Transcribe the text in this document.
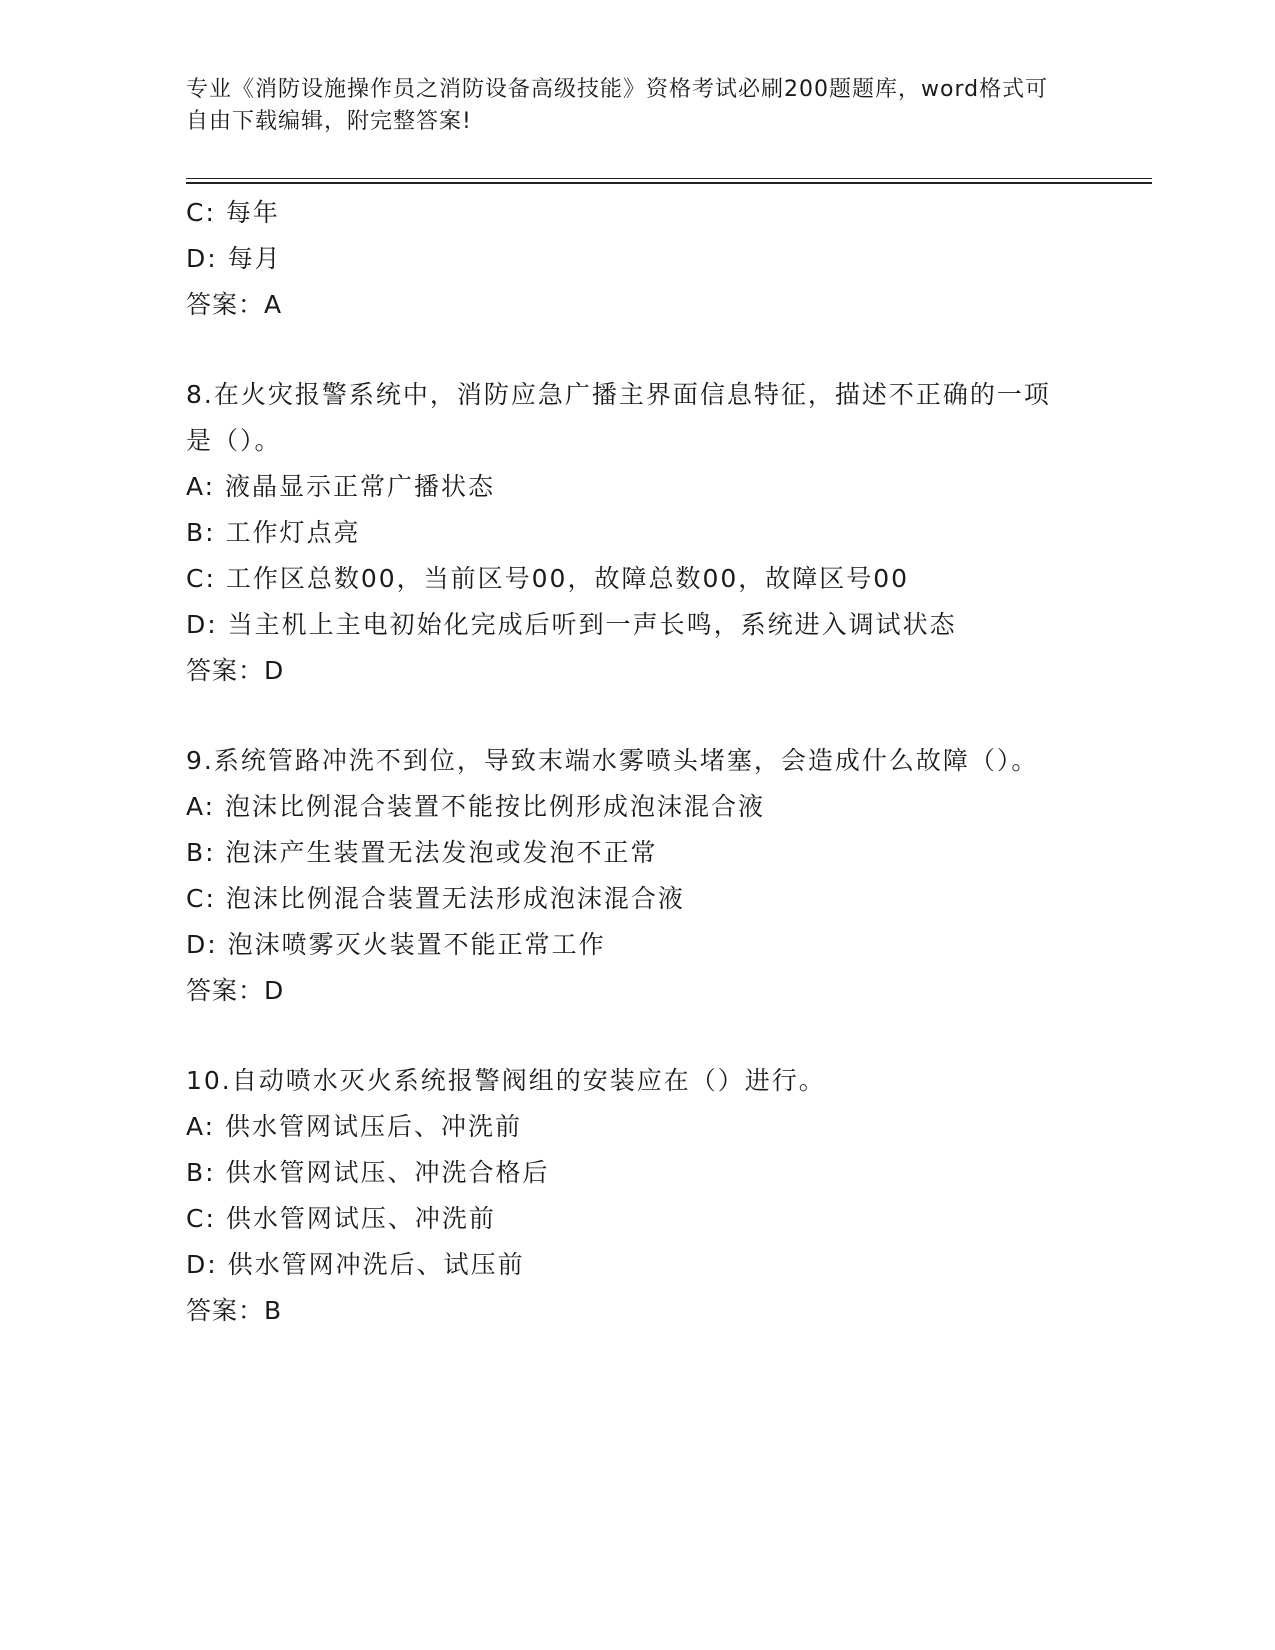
专业《消防设施操作员之消防设备高级技能》资格考试必刷200题题库，word格式可自由下载编辑，附完整答案!
C: 每年
D: 每月
答案：A
8.在火灾报警系统中，消防应急广播主界面信息特征，描述不正确的一项是（）。
A: 液晶显示正常广播状态
B: 工作灯点亮
C: 工作区总数00，当前区号00，故障总数00，故障区号00
D: 当主机上主电初始化完成后听到一声长鸣，系统进入调试状态
答案：D
9.系统管路冲洗不到位，导致末端水雾喷头堵塞，会造成什么故障（）。
A: 泡沫比例混合装置不能按比例形成泡沫混合液
B: 泡沫产生装置无法发泡或发泡不正常
C: 泡沫比例混合装置无法形成泡沫混合液
D: 泡沫喷雾灭火装置不能正常工作
答案：D
10.自动喷水灭火系统报警阀组的安装应在（）进行。
A: 供水管网试压后、冲洗前
B: 供水管网试压、冲洗合格后
C: 供水管网试压、冲洗前
D: 供水管网冲洗后、试压前
答案：B
